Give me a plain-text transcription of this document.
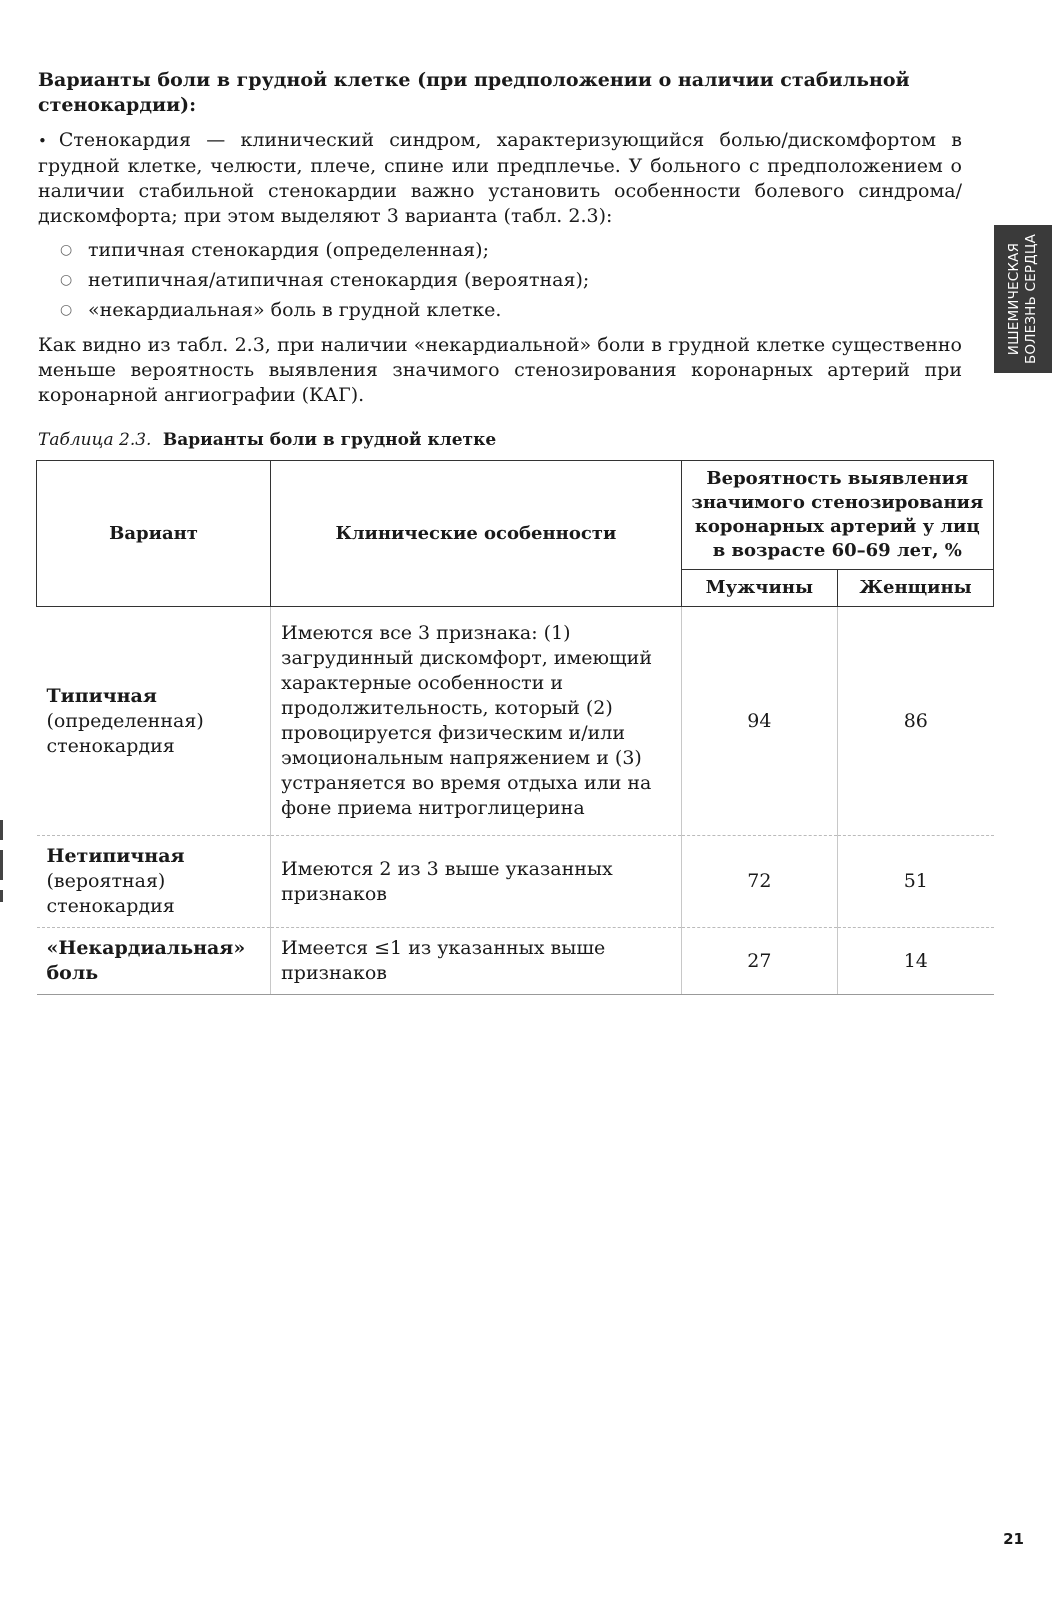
Варианты боли в грудной клетке (при предположении о наличии стабильной стенокардии):

• Стенокардия — клинический синдром, характеризующийся болью/дискомфортом в грудной клетке, челюсти, плече, спине или предплечье. У больного с предположением о наличии стабильной стенокардии важно установить особенности болевого синдрома/дискомфорта; при этом выделяют 3 варианта (табл. 2.3):

○ типичная стенокардия (определенная);
○ нетипичная/атипичная стенокардия (вероятная);
○ «некардиальная» боль в грудной клетке.

Как видно из табл. 2.3, при наличии «некардиальной» боли в грудной клетке существенно меньше вероятность выявления значимого стенозирования коронарных артерий при коронарной ангиографии (КАГ).

Таблица 2.3. Варианты боли в грудной клетке
Вариант	Клинические особенности	Вероятность выявления значимого стенозирования коронарных артерий у лиц в возрасте 60–69 лет, %	
		Мужчины	Женщины
Типичная
(определенная) стенокардия	Имеются все 3 признака: (1) загрудинный дискомфорт, имеющий характерные особенности и продолжительность, который (2) провоцируется физическим и/или эмоциональным напряжением и (3) устраняется во время отдыха или на фоне приема нитроглицерина	94	86
Нетипичная
(вероятная) стенокардия	Имеются 2 из 3 выше указанных признаков	72	51
«Некардиальная» боль	Имеется ≤1 из указанных выше признаков	27	14
ИШЕМИЧЕСКАЯ
БОЛЕЗНЬ СЕРДЦА
21
